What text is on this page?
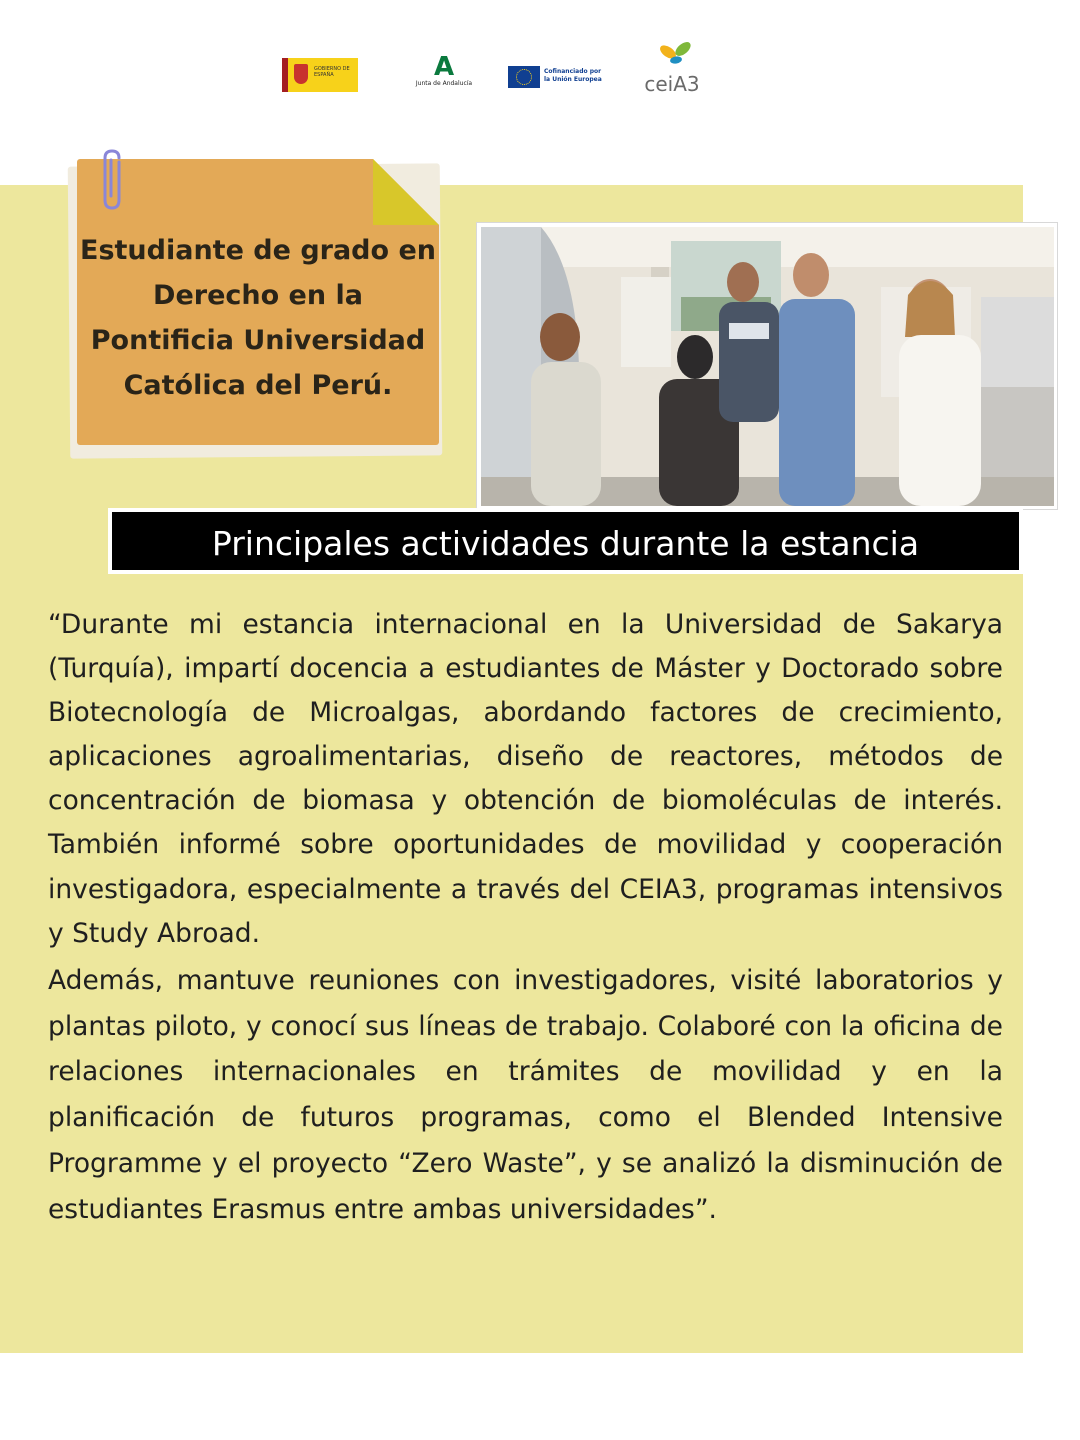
GOBIERNO DE ESPAÑA	A
Junta de Andalucía
Cofinanciado por la Unión Europea	ceiA3
Estudiante de grado en Derecho en la Pontificia Universidad Católica del Perú.
Principales actividades durante la estancia

“Durante mi estancia internacional en la Universidad de Sakarya (Turquía), impartí docencia a estudiantes de Máster y Doctorado sobre Biotecnología de Microalgas, abordando factores de crecimiento, aplicaciones agroalimentarias, diseño de reactores, métodos de concentración de biomasa y obtención de biomoléculas de interés. También informé sobre oportunidades de movilidad y cooperación investigadora, especialmente a través del CEIA3, programas intensivos y Study Abroad.

Además, mantuve reuniones con investigadores, visité laboratorios y plantas piloto, y conocí sus líneas de trabajo. Colaboré con la oficina de relaciones internacionales en trámites de movilidad y en la planificación de futuros programas, como el Blended Intensive Programme y el proyecto “Zero Waste”, y se analizó la disminución de estudiantes Erasmus entre ambas universidades”.
